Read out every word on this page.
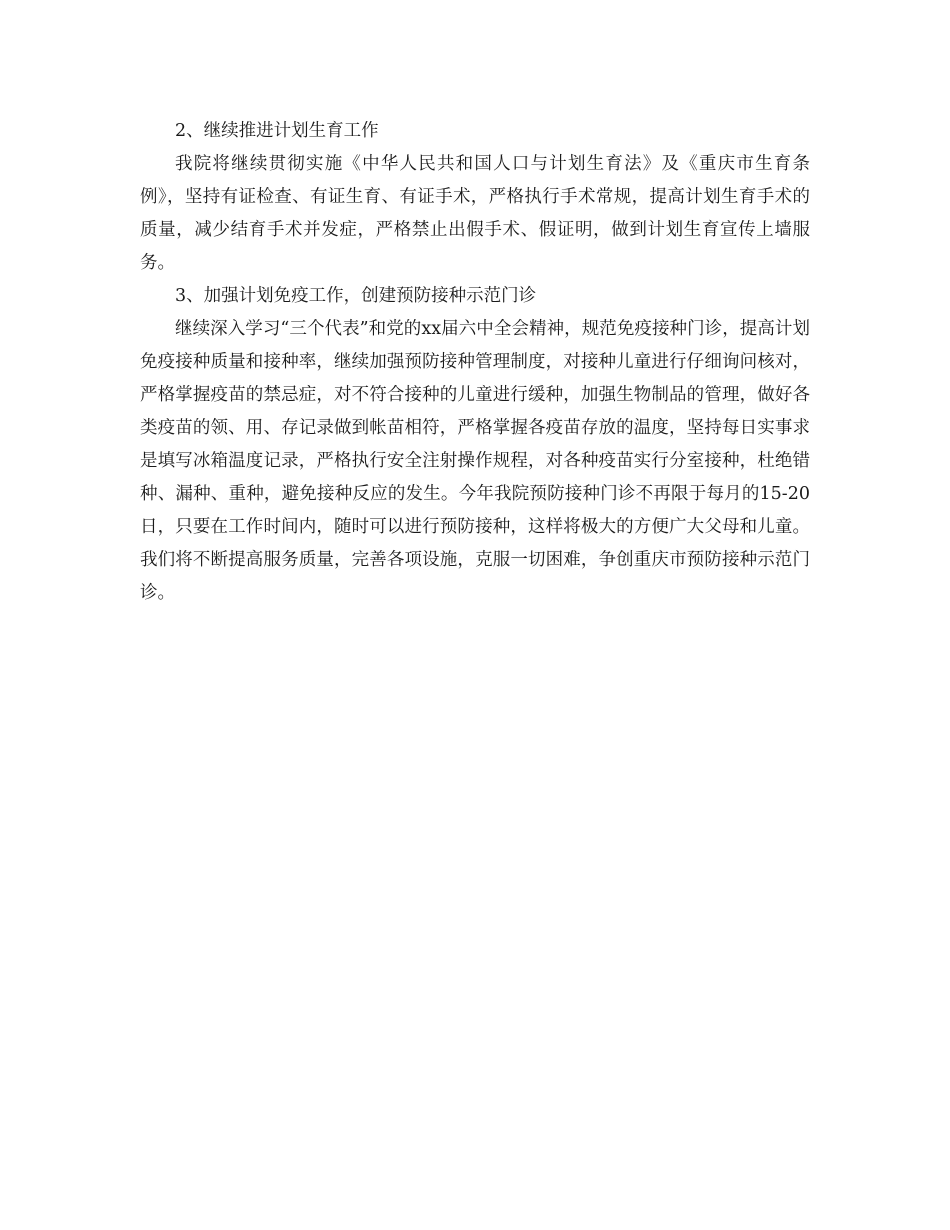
2、继续推进计划生育工作

我院将继续贯彻实施《中华人民共和国人口与计划生育法》及《重庆市生育条例》，坚持有证检查、有证生育、有证手术，严格执行手术常规，提高计划生育手术的质量，减少结育手术并发症，严格禁止出假手术、假证明，做到计划生育宣传上墙服务。

3、加强计划免疫工作，创建预防接种示范门诊

继续深入学习“三个代表”和党的xx届六中全会精神，规范免疫接种门诊，提高计划免疫接种质量和接种率，继续加强预防接种管理制度，对接种儿童进行仔细询问核对，严格掌握疫苗的禁忌症，对不符合接种的儿童进行缓种，加强生物制品的管理，做好各类疫苗的领、用、存记录做到帐苗相符，严格掌握各疫苗存放的温度，坚持每日实事求是填写冰箱温度记录，严格执行安全注射操作规程，对各种疫苗实行分室接种，杜绝错种、漏种、重种，避免接种反应的发生。今年我院预防接种门诊不再限于每月的15-20日，只要在工作时间内，随时可以进行预防接种，这样将极大的方便广大父母和儿童。我们将不断提高服务质量，完善各项设施，克服一切困难，争创重庆市预防接种示范门诊。
